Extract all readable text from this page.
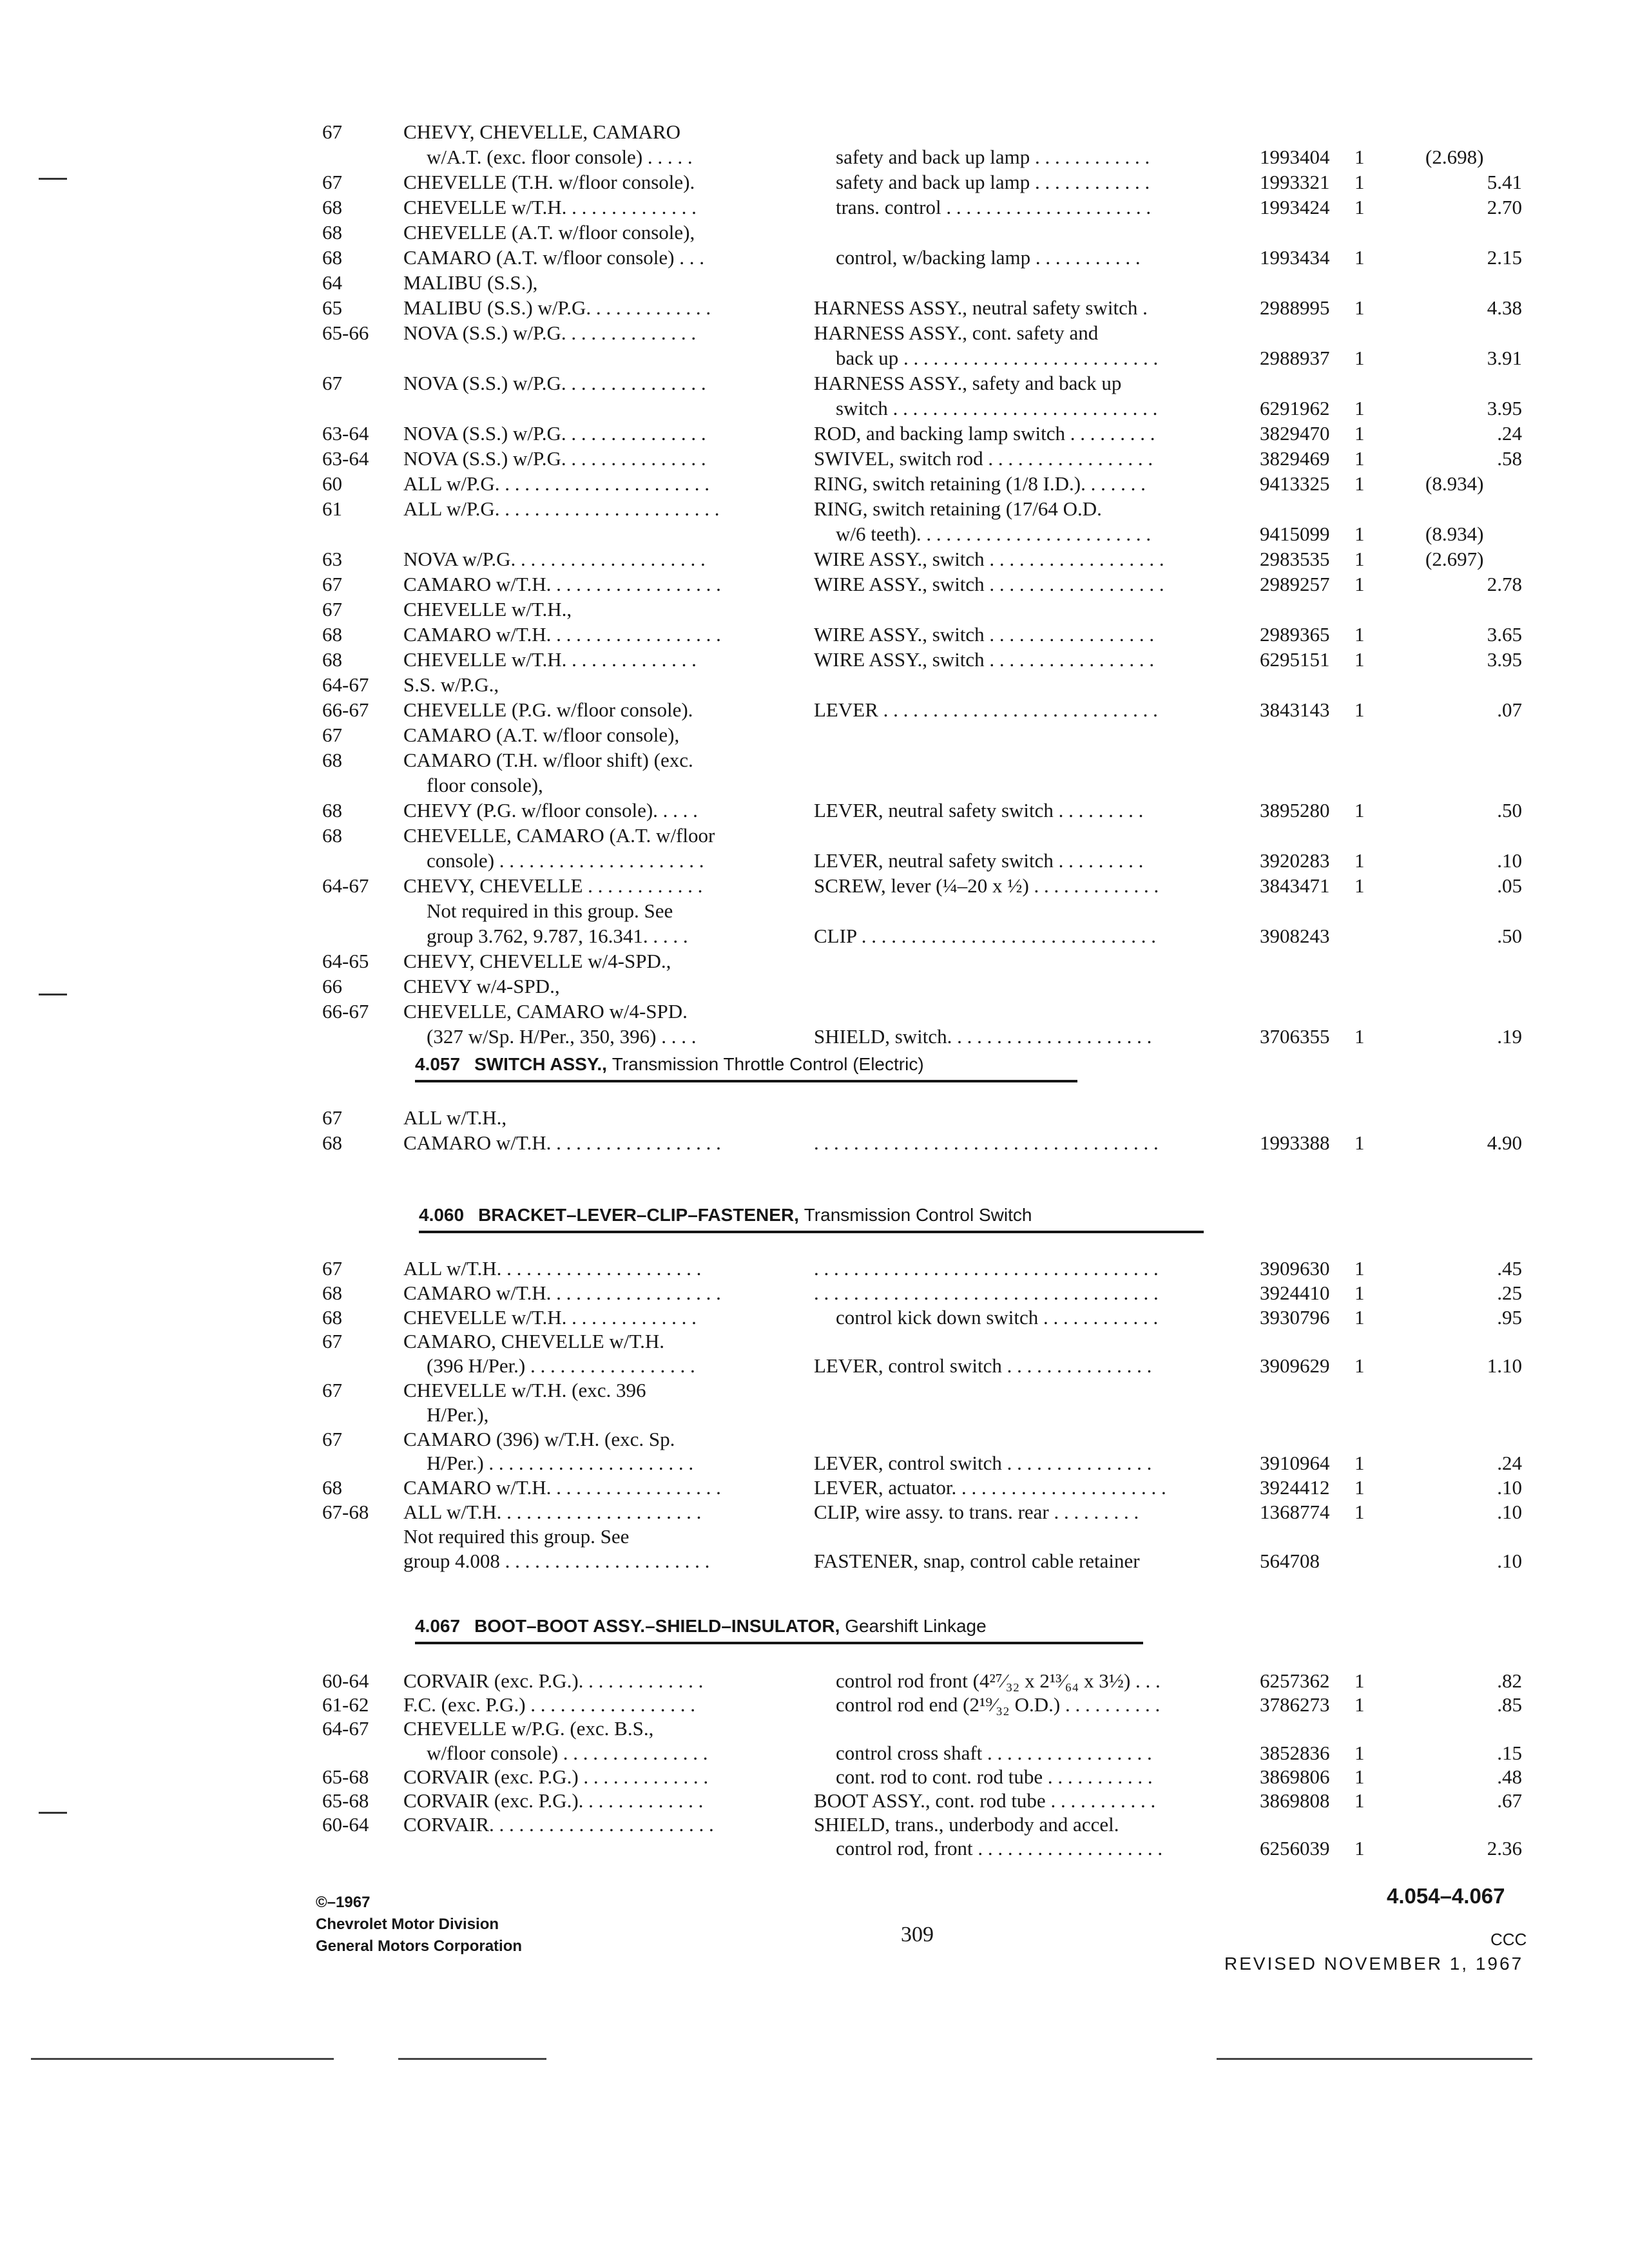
67	CHEVY, CHEVELLE, CAMARO
w/A.T. (exc. floor console) . . . . .	safety and back up lamp . . . . . . . . . . . .	1993404 1	(2.698)
67	CHEVELLE (T.H. w/floor console).	safety and back up lamp . . . . . . . . . . . .	1993321 1	5.41
68	CHEVELLE w/T.H. . . . . . . . . . . . . .	trans. control . . . . . . . . . . . . . . . . . . . . .	1993424 1	2.70
68	CHEVELLE (A.T. w/floor console),
68	CAMARO (A.T. w/floor console) . . .	control, w/backing lamp . . . . . . . . . . .	1993434 1	2.15
64	MALIBU (S.S.),
65	MALIBU (S.S.) w/P.G. . . . . . . . . . . . .	HARNESS ASSY., neutral safety switch .	2988995 1	4.38
65-66 NOVA (S.S.) w/P.G. . . . . . . . . . . . . .	HARNESS ASSY., cont. safety and
back up . . . . . . . . . . . . . . . . . . . . . . . . . .	2988937 1	3.91
67	NOVA (S.S.) w/P.G. . . . . . . . . . . . . . .	HARNESS ASSY., safety and back up
switch . . . . . . . . . . . . . . . . . . . . . . . . . . .	6291962 1	3.95
63-64 NOVA (S.S.) w/P.G. . . . . . . . . . . . . . .	ROD, and backing lamp switch . . . . . . . . .	3829470 1	.24
63-64 NOVA (S.S.) w/P.G. . . . . . . . . . . . . . .	SWIVEL, switch rod . . . . . . . . . . . . . . . . .	3829469 1	.58
60	ALL w/P.G. . . . . . . . . . . . . . . . . . . . . .	RING, switch retaining (1/8 I.D.). . . . . . .	9413325 1	(8.934)
61	ALL w/P.G. . . . . . . . . . . . . . . . . . . . . . .	RING, switch retaining (17/64 O.D.
w/6 teeth). . . . . . . . . . . . . . . . . . . . . . . .	9415099 1	(8.934)
63	NOVA w/P.G. . . . . . . . . . . . . . . . . . . .	WIRE ASSY., switch . . . . . . . . . . . . . . . . . .	2983535 1	(2.697)
67	CAMARO w/T.H. . . . . . . . . . . . . . . . . .	WIRE ASSY., switch . . . . . . . . . . . . . . . . . .	2989257 1	2.78
67	CHEVELLE w/T.H.,
68	CAMARO w/T.H. . . . . . . . . . . . . . . . . .	WIRE ASSY., switch . . . . . . . . . . . . . . . . .	2989365 1	3.65
68	CHEVELLE w/T.H. . . . . . . . . . . . . .	WIRE ASSY., switch . . . . . . . . . . . . . . . . .	6295151 1	3.95
64-67 S.S. w/P.G.,
66-67 CHEVELLE (P.G. w/floor console).	LEVER . . . . . . . . . . . . . . . . . . . . . . . . . . . .	3843143 1	.07
67	CAMARO (A.T. w/floor console),
68	CAMARO (T.H. w/floor shift) (exc.
floor console),
68	CHEVY (P.G. w/floor console). . . . .	LEVER, neutral safety switch . . . . . . . . .	3895280 1	.50
68	CHEVELLE, CAMARO (A.T. w/floor
console) . . . . . . . . . . . . . . . . . . . . .	LEVER, neutral safety switch . . . . . . . . .	3920283 1	.10
64-67 CHEVY, CHEVELLE . . . . . . . . . . . .	SCREW, lever (¼–20 x ½) . . . . . . . . . . . . .	3843471 1	.05
Not required in this group. See
group 3.762, 9.787, 16.341. . . . .	CLIP . . . . . . . . . . . . . . . . . . . . . . . . . . . . . .	3908243	.50
64-65 CHEVY, CHEVELLE w/4-SPD.,
66	CHEVY w/4-SPD.,
66-67 CHEVELLE, CAMARO w/4-SPD.
(327 w/Sp. H/Per., 350, 396) . . . .	SHIELD, switch. . . . . . . . . . . . . . . . . . . . .	3706355 1	.19
4.057 SWITCH ASSY., Transmission Throttle Control (Electric)
67	ALL w/T.H.,
68	CAMARO w/T.H. . . . . . . . . . . . . . . . . .	. . . . . . . . . . . . . . . . . . . . . . . . . . . . . . . . . . .	1993388 1	4.90
4.060 BRACKET–LEVER–CLIP–FASTENER, Transmission Control Switch
67	ALL w/T.H. . . . . . . . . . . . . . . . . . . . .	. . . . . . . . . . . . . . . . . . . . . . . . . . . . . . . . . . .	3909630 1	.45
68	CAMARO w/T.H. . . . . . . . . . . . . . . . . .	. . . . . . . . . . . . . . . . . . . . . . . . . . . . . . . . . . .	3924410 1	.25
68	CHEVELLE w/T.H. . . . . . . . . . . . . .	control kick down switch . . . . . . . . . . . .	3930796 1	.95
67	CAMARO, CHEVELLE w/T.H.
(396 H/Per.) . . . . . . . . . . . . . . . . .	LEVER, control switch . . . . . . . . . . . . . . .	3909629 1	1.10
67	CHEVELLE w/T.H. (exc. 396
H/Per.),
67	CAMARO (396) w/T.H. (exc. Sp.
H/Per.) . . . . . . . . . . . . . . . . . . . . .	LEVER, control switch . . . . . . . . . . . . . . .	3910964 1	.24
68	CAMARO w/T.H. . . . . . . . . . . . . . . . . .	LEVER, actuator. . . . . . . . . . . . . . . . . . . . . .	3924412 1	.10
67-68 ALL w/T.H. . . . . . . . . . . . . . . . . . . . .	CLIP, wire assy. to trans. rear . . . . . . . . .	1368774 1	.10
Not required this group. See
group 4.008 . . . . . . . . . . . . . . . . . . . . .	FASTENER, snap, control cable retainer	564708	.10
4.067 BOOT–BOOT ASSY.–SHIELD–INSULATOR, Gearshift Linkage
60-64 CORVAIR (exc. P.G.). . . . . . . . . . . . .	control rod front (4²⁷⁄₃₂ x 2¹³⁄₆₄ x 3½) . . .	6257362 1	.82
61-62 F.C. (exc. P.G.) . . . . . . . . . . . . . . . . .	control rod end (2¹⁹⁄₃₂ O.D.) . . . . . . . . . .	3786273 1	.85
64-67 CHEVELLE w/P.G. (exc. B.S.,
w/floor console) . . . . . . . . . . . . . . .	control cross shaft . . . . . . . . . . . . . . . . .	3852836 1	.15
65-68 CORVAIR (exc. P.G.) . . . . . . . . . . . . .	cont. rod to cont. rod tube . . . . . . . . . . .	3869806 1	.48
65-68 CORVAIR (exc. P.G.). . . . . . . . . . . . .	BOOT ASSY., cont. rod tube . . . . . . . . . . .	3869808 1	.67
60-64 CORVAIR. . . . . . . . . . . . . . . . . . . . . . .	SHIELD, trans., underbody and accel.
control rod, front . . . . . . . . . . . . . . . . . . .	6256039 1	2.36
©–1967
Chevrolet Motor Division
General Motors Corporation	309
4.054–4.067
CCC
REVISED NOVEMBER 1, 1967
